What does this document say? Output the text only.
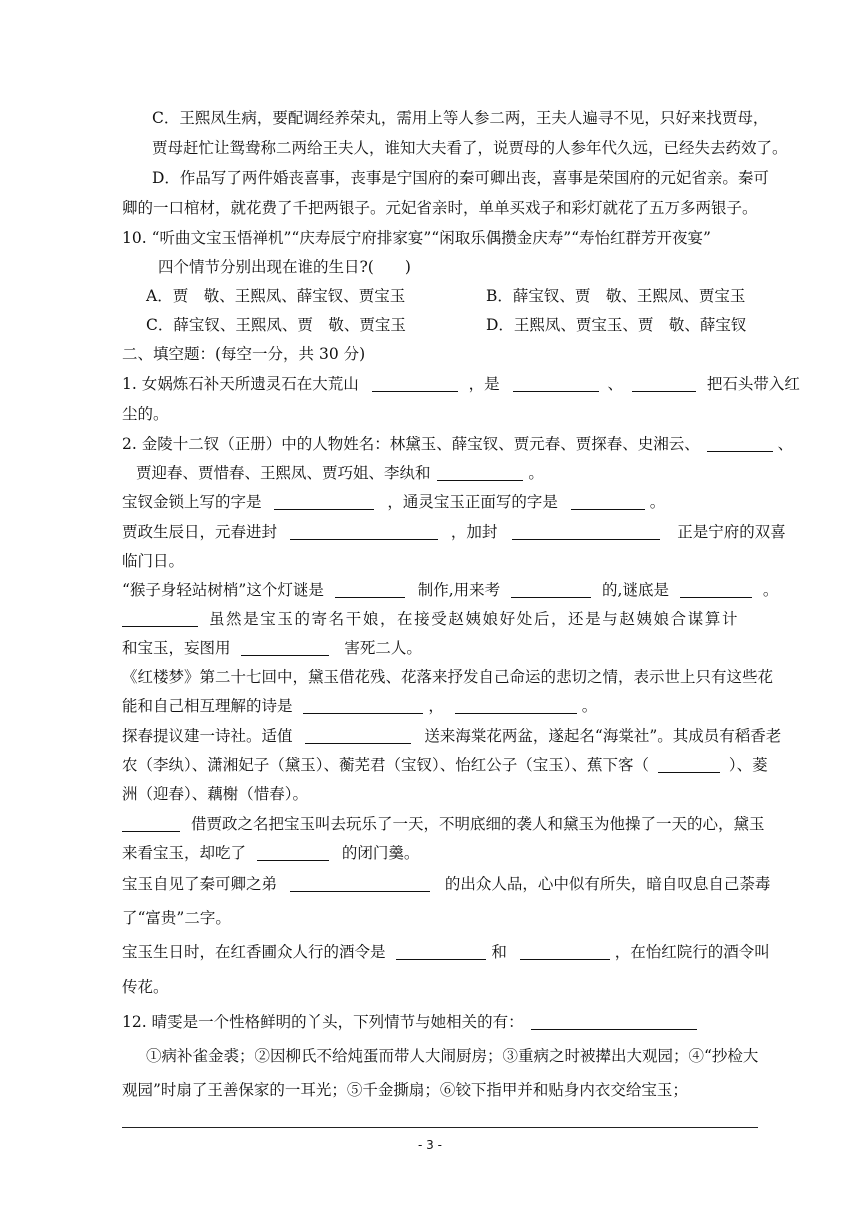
C．王熙凤生病，要配调经养荣丸，需用上等人参二两，王夫人遍寻不见，只好来找贾母，
贾母赶忙让鸳鸯称二两给王夫人，谁知大夫看了，说贾母的人参年代久远，已经失去药效了。
D．作品写了两件婚丧喜事，丧事是宁国府的秦可卿出丧，喜事是荣国府的元妃省亲。秦可
卿的一口棺材，就花费了千把两银子。元妃省亲时，单单买戏子和彩灯就花了五万多两银子。
10. “听曲文宝玉悟禅机”“庆寿辰宁府排家宴”“闲取乐偶攒金庆寿”“寿怡红群芳开夜宴”
四个情节分别出现在谁的生日?(　　)
A．贾　敬、王熙凤、薛宝钗、贾宝玉	B．薛宝钗、贾　敬、王熙凤、贾宝玉
C．薛宝钗、王熙凤、贾　敬、贾宝玉	D．王熙凤、贾宝玉、贾　敬、薛宝钗
二、填空题：(每空一分，共 30 分)
1. 女娲炼石补天所遗灵石在大荒山	，是	、	把石头带入红
尘的。
2. 金陵十二钗（正册）中的人物姓名：林黛玉、薛宝钗、贾元春、贾探春、史湘云、	、
贾迎春、贾惜春、王熙凤、贾巧姐、李纨和	。
宝钗金锁上写的字是	，通灵宝玉正面写的字是	。
贾政生辰日，元春进封	，加封	正是宁府的双喜
临门日。
“猴子身轻站树梢”这个灯谜是	制作,用来考	的,谜底是	。
虽然是宝玉的寄名干娘，在接受赵姨娘好处后，还是与赵姨娘合谋算计
和宝玉，妄图用	害死二人。
《红楼梦》第二十七回中，黛玉借花残、花落来抒发自己命运的悲切之情，表示世上只有这些花
能和自己相互理解的诗是	，	。
探春提议建一诗社。适值	送来海棠花两盆，遂起名“海棠社”。其成员有稻香老
农（李纨）、潇湘妃子（黛玉）、蘅芜君（宝钗）、怡红公子（宝玉）、蕉下客（	）、菱
洲（迎春）、藕榭（惜春）。
借贾政之名把宝玉叫去玩乐了一天，不明底细的袭人和黛玉为他操了一天的心，黛玉
来看宝玉，却吃了	的闭门羹。
宝玉自见了秦可卿之弟	的出众人品，心中似有所失，暗自叹息自己荼毒
了“富贵”二字。
宝玉生日时，在红香圃众人行的酒令是	和	，在怡红院行的酒令叫
传花。
12. 晴雯是一个性格鲜明的丫头，下列情节与她相关的有：
①病补雀金裘；②因柳氏不给炖蛋而带人大闹厨房；③重病之时被撵出大观园；④“抄检大
观园”时扇了王善保家的一耳光；⑤千金撕扇；⑥铰下指甲并和贴身内衣交给宝玉；
- 3 -
